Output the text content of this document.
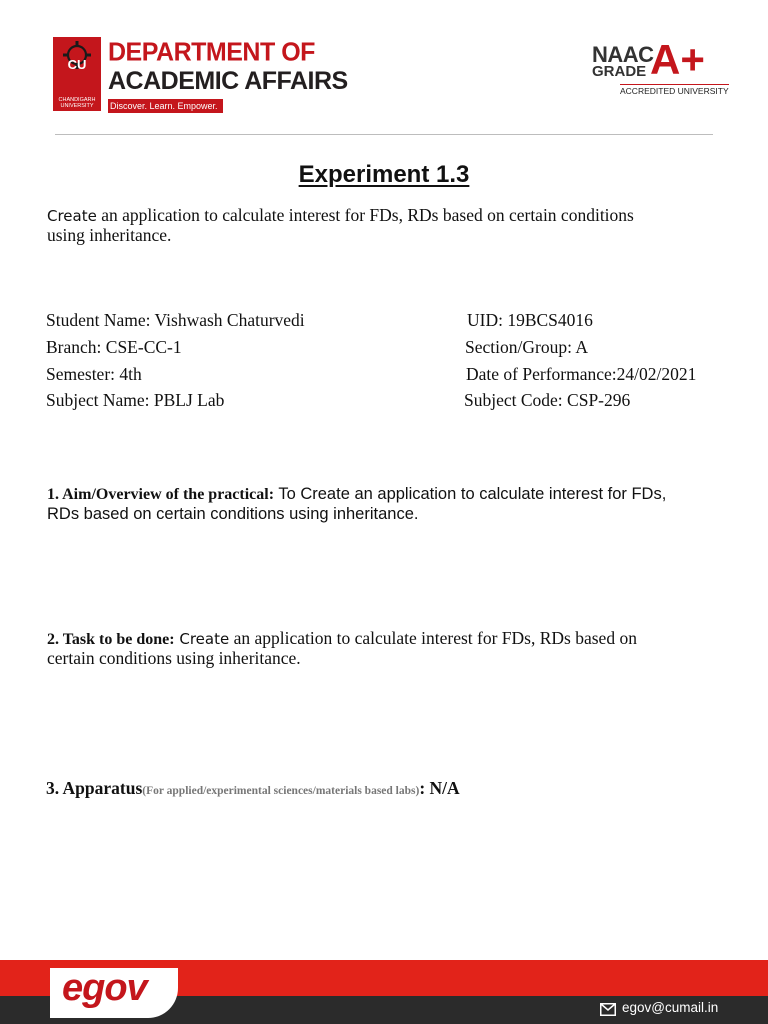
CU
CHANDIGARH UNIVERSITY
DEPARTMENT OF
ACADEMIC AFFAIRS
Discover. Learn. Empower.
NAAC
GRADE A+
ACCREDITED UNIVERSITY
Experiment 1.3
Create an application to calculate interest for FDs, RDs based on certain conditions
using inheritance.
Student Name: Vishwash Chaturvedi	UID: 19BCS4016
Branch: CSE-CC-1	Section/Group: A
Semester: 4th	Date of Performance:24/02/2021
Subject Name: PBLJ Lab	Subject Code: CSP-296
1. Aim/Overview of the practical: To Create an application to calculate interest for FDs,
RDs based on certain conditions using inheritance.
2. Task to be done: Create an application to calculate interest for FDs, RDs based on
certain conditions using inheritance.
3. Apparatus(For applied/experimental sciences/materials based labs): N/A
egov	egov@cumail.in
